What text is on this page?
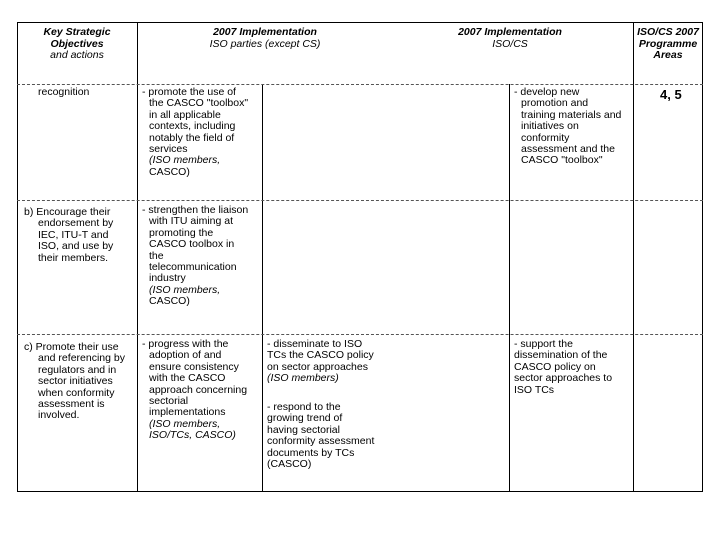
Key Strategic
Objectives
and actions
2007 Implementation
ISO parties (except CS)
2007 Implementation
ISO/CS
ISO/CS 2007
Programme
Areas
recognition	- promote the use of
the CASCO "toolbox"
in all applicable
contexts, including
notably the field of
services
(ISO members,
CASCO)
- develop new
promotion and
training materials and
initiatives on
conformity
assessment and the
CASCO "toolbox"
4, 5
b) Encourage their
endorsement by
IEC, ITU-T and
ISO, and use by
their members.
- strengthen the liaison
with ITU aiming at
promoting the
CASCO toolbox in
the
telecommunication
industry
(ISO members,
CASCO)
c) Promote their use
and referencing by
regulators and in
sector initiatives
when conformity
assessment is
involved.
- progress with the
adoption of and
ensure consistency
with the CASCO
approach concerning
sectorial
implementations
(ISO members,
ISO/TCs, CASCO)
- disseminate to ISO
TCs the CASCO policy
on sector approaches
(ISO members)
- respond to the
growing trend of
having sectorial
conformity assessment
documents by TCs
(CASCO)
- support the
dissemination of the
CASCO policy on
sector approaches to
ISO TCs
